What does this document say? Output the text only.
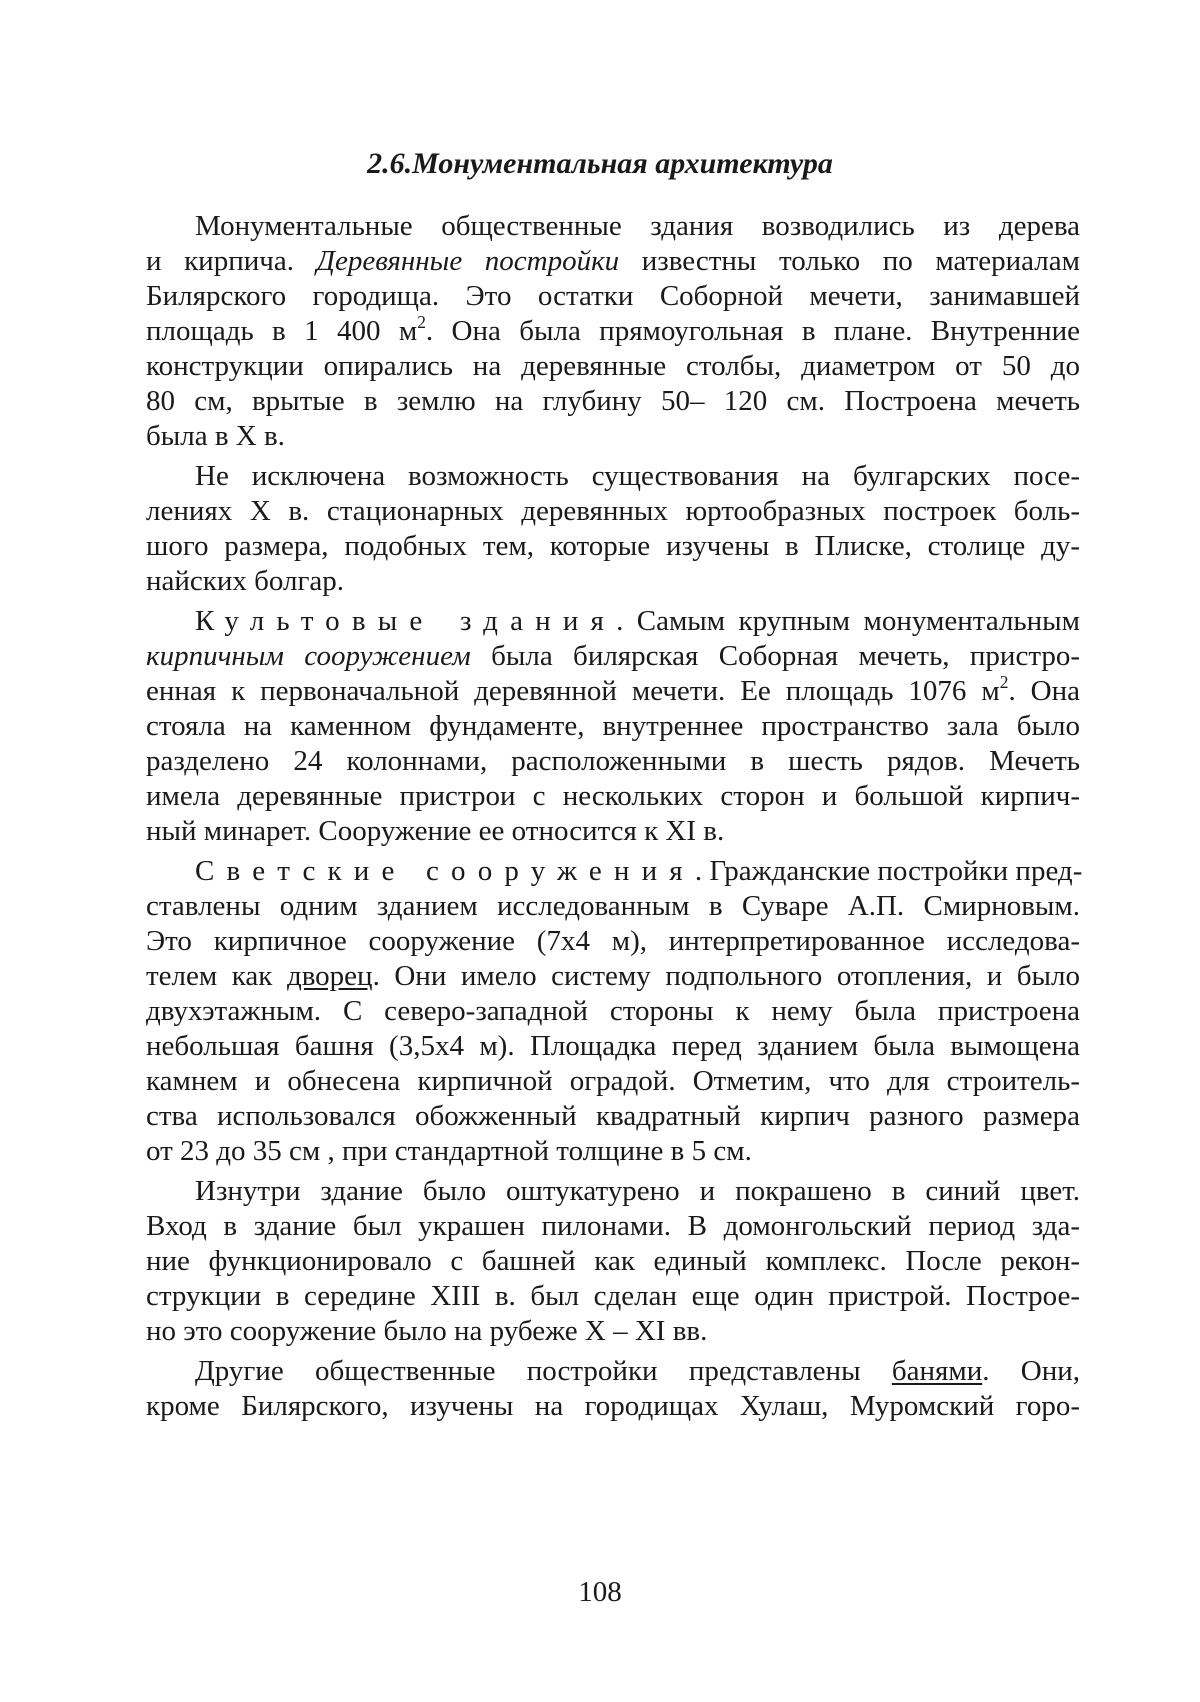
2.6.Монументальная архитектура
Монументальные общественные здания возводились из дерева
и кирпича. Деревянные постройки известны только по материалам
Билярского городища. Это остатки Соборной мечети, занимавшей
площадь в 1 400 $м^2$. Она была прямоугольная в плане. Внутренние
конструкции опирались на деревянные столбы, диаметром от 50 до
80 см, врытые в землю на глубину 50– 120 см. Построена мечеть
была в X в.
Не исключена возможность существования на булгарских посе-
лениях X в. стационарных деревянных юртообразных построек боль-
шого размера, подобных тем, которые изучены в Плиске, столице ду-
найских болгар.
Культовые здания. Самым крупным монументальным
кирпичным сооружением была билярская Соборная мечеть, пристро-
енная к первоначальной деревянной мечети. Ее площадь 1076 $м^2$. Она
стояла на каменном фундаменте, внутреннее пространство зала было
разделено 24 колоннами, расположенными в шесть рядов. Мечеть
имела деревянные пристрои с нескольких сторон и большой кирпич-
ный минарет. Сооружение ее относится к XI в.
Светские сооружения. Гражданские постройки пред-
ставлены одним зданием исследованным в Суваре А.П. Смирновым.
Это кирпичное сооружение (7х4 м), интерпретированное исследова-
телем как дворец. Они имело систему подпольного отопления, и было
двухэтажным. С северо-западной стороны к нему была пристроена
небольшая башня (3,5х4 м). Площадка перед зданием была вымощена
камнем и обнесена кирпичной оградой. Отметим, что для строитель-
ства использовался обожженный квадратный кирпич разного размера
от 23 до 35 см , при стандартной толщине в 5 см.
Изнутри здание было оштукатурено и покрашено в синий цвет.
Вход в здание был украшен пилонами. В домонгольский период зда-
ние функционировало с башней как единый комплекс. После рекон-
струкции в середине XIII в. был сделан еще один пристрой. Построе-
но это сооружение было на рубеже X – XI вв.
Другие общественные постройки представлены банями. Они,
кроме Билярского, изучены на городищах Хулаш, Муромский горо-
108
